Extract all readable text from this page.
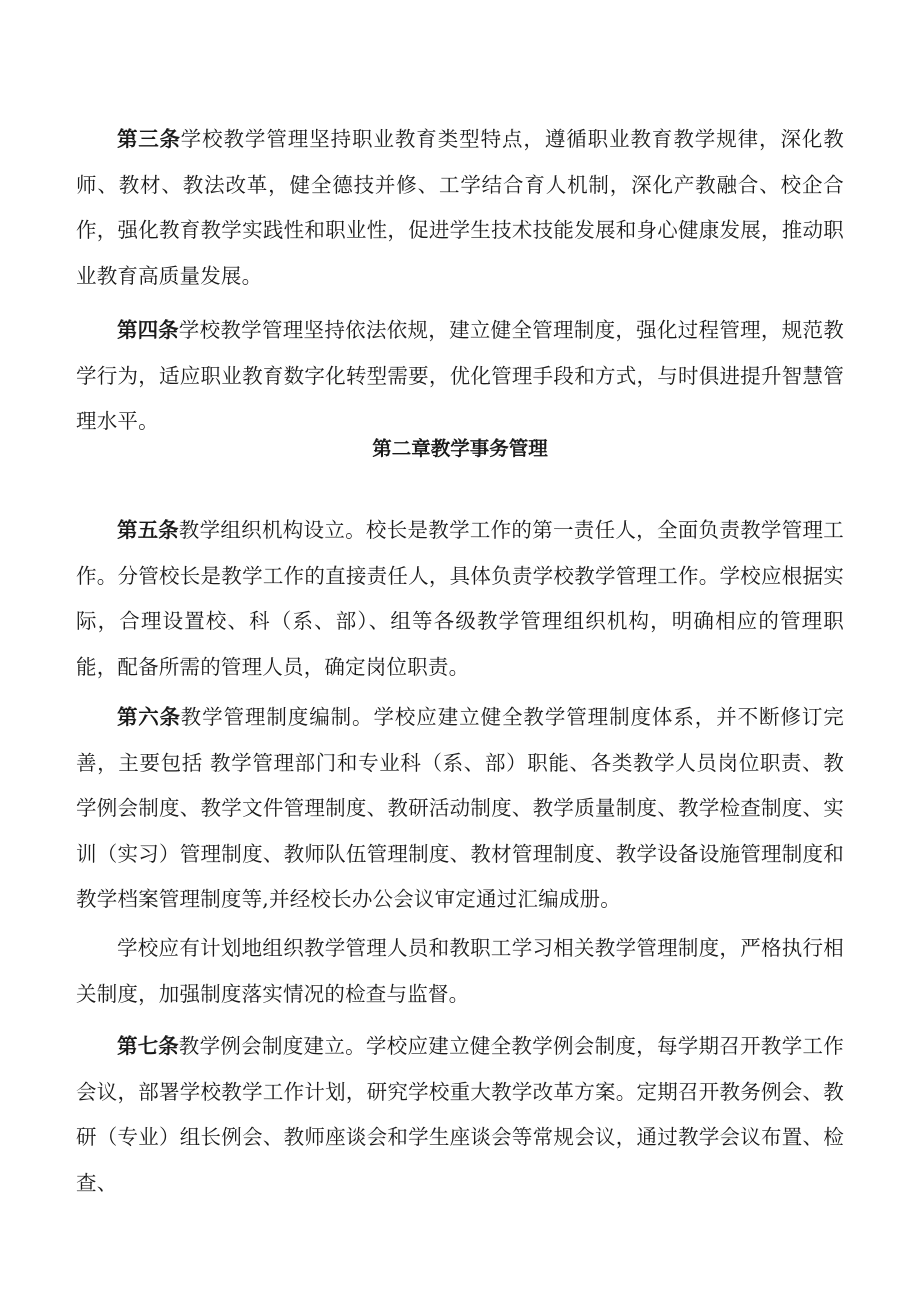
第三条学校教学管理坚持职业教育类型特点，遵循职业教育教学规律，深化教师、教材、教法改革，健全德技并修、工学结合育人机制，深化产教融合、校企合作，强化教育教学实践性和职业性，促进学生技术技能发展和身心健康发展，推动职业教育高质量发展。

第四条学校教学管理坚持依法依规，建立健全管理制度，强化过程管理，规范教学行为，适应职业教育数字化转型需要，优化管理手段和方式，与时俱进提升智慧管理水平。

第二章教学事务管理

第五条教学组织机构设立。校长是教学工作的第一责任人，全面负责教学管理工作。分管校长是教学工作的直接责任人，具体负责学校教学管理工作。学校应根据实际，合理设置校、科（系、部）、组等各级教学管理组织机构，明确相应的管理职能，配备所需的管理人员，确定岗位职责。

第六条教学管理制度编制。学校应建立健全教学管理制度体系，并不断修订完善，主要包括 教学管理部门和专业科（系、部）职能、各类教学人员岗位职责、教学例会制度、教学文件管理制度、教研活动制度、教学质量制度、教学检查制度、实训（实习）管理制度、教师队伍管理制度、教材管理制度、教学设备设施管理制度和教学档案管理制度等,并经校长办公会议审定通过汇编成册。

学校应有计划地组织教学管理人员和教职工学习相关教学管理制度，严格执行相关制度，加强制度落实情况的检查与监督。

第七条教学例会制度建立。学校应建立健全教学例会制度，每学期召开教学工作会议，部署学校教学工作计划，研究学校重大教学改革方案。定期召开教务例会、教研（专业）组长例会、教师座谈会和学生座谈会等常规会议，通过教学会议布置、检查、
